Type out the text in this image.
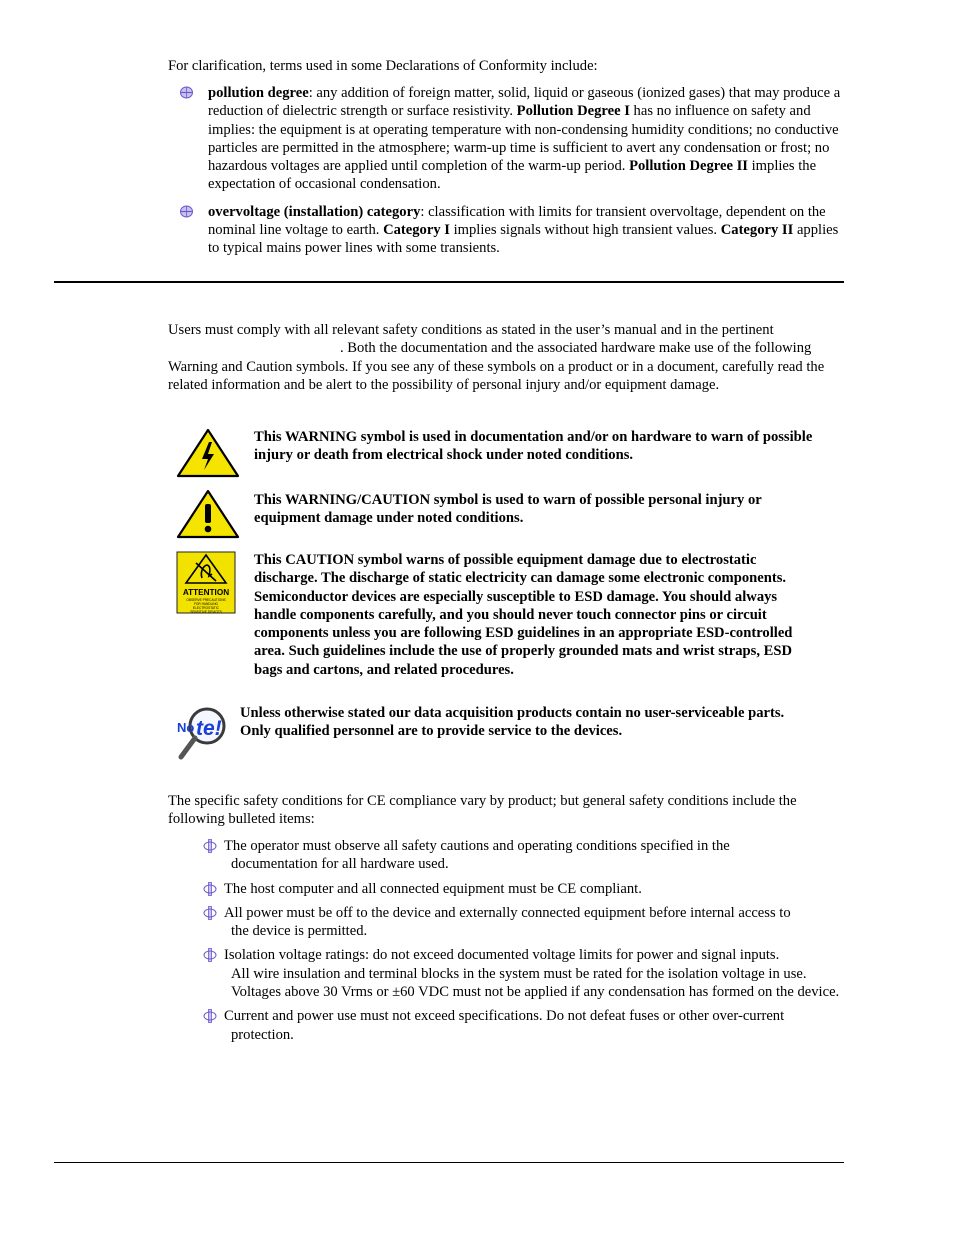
For clarification, terms used in some Declarations of Conformity include:

pollution degree: any addition of foreign matter, solid, liquid or gaseous (ionized gases) that may produce a reduction of dielectric strength or surface resistivity. Pollution Degree I has no influence on safety and implies: the equipment is at operating temperature with non-condensing humidity conditions; no conductive particles are permitted in the atmosphere; warm-up time is sufficient to avert any condensation or frost; no hazardous voltages are applied until completion of the warm-up period. Pollution Degree II implies the expectation of occasional condensation.
overvoltage (installation) category: classification with limits for transient overvoltage, dependent on the nominal line voltage to earth. Category I implies signals without high transient values. Category II applies to typical mains power lines with some transients.
Users must comply with all relevant safety conditions as stated in the user’s manual and in the pertinent
. Both the documentation and the associated hardware make use of the following Warning and Caution symbols. If you see any of these symbols on a product or in a document, carefully read the related information and be alert to the possibility of personal injury and/or equipment damage.

This WARNING symbol is used in documentation and/or on hardware to warn of possible injury or death from electrical shock under noted conditions.

This WARNING/CAUTION symbol is used to warn of possible personal injury or equipment damage under noted conditions.

ATTENTION
OBSERVE PRECAUTIONS
FOR HANDLING
ELECTROSTATIC
SENSITIVE DEVICES

This CAUTION symbol warns of possible equipment damage due to electrostatic discharge. The discharge of static electricity can damage some electronic components. Semiconductor devices are especially susceptible to ESD damage. You should always handle components carefully, and you should never touch connector pins or circuit components unless you are following ESD guidelines in an appropriate ESD-controlled area. Such guidelines include the use of properly grounded mats and wrist straps, ESD bags and cartons, and related procedures.

No te!

Unless otherwise stated our data acquisition products contain no user-serviceable parts. Only qualified personnel are to provide service to the devices.

The specific safety conditions for CE compliance vary by product; but general safety conditions include the following bulleted items:

The operator must observe all safety cautions and operating conditions specified in the
documentation for all hardware used.
The host computer and all connected equipment must be CE compliant.
All power must be off to the device and externally connected equipment before internal access to
the device is permitted.
Isolation voltage ratings: do not exceed documented voltage limits for power and signal inputs.
All wire insulation and terminal blocks in the system must be rated for the isolation voltage in use. Voltages above 30 Vrms or ±60 VDC must not be applied if any condensation has formed on the device.
Current and power use must not exceed specifications. Do not defeat fuses or other over-current
protection.
